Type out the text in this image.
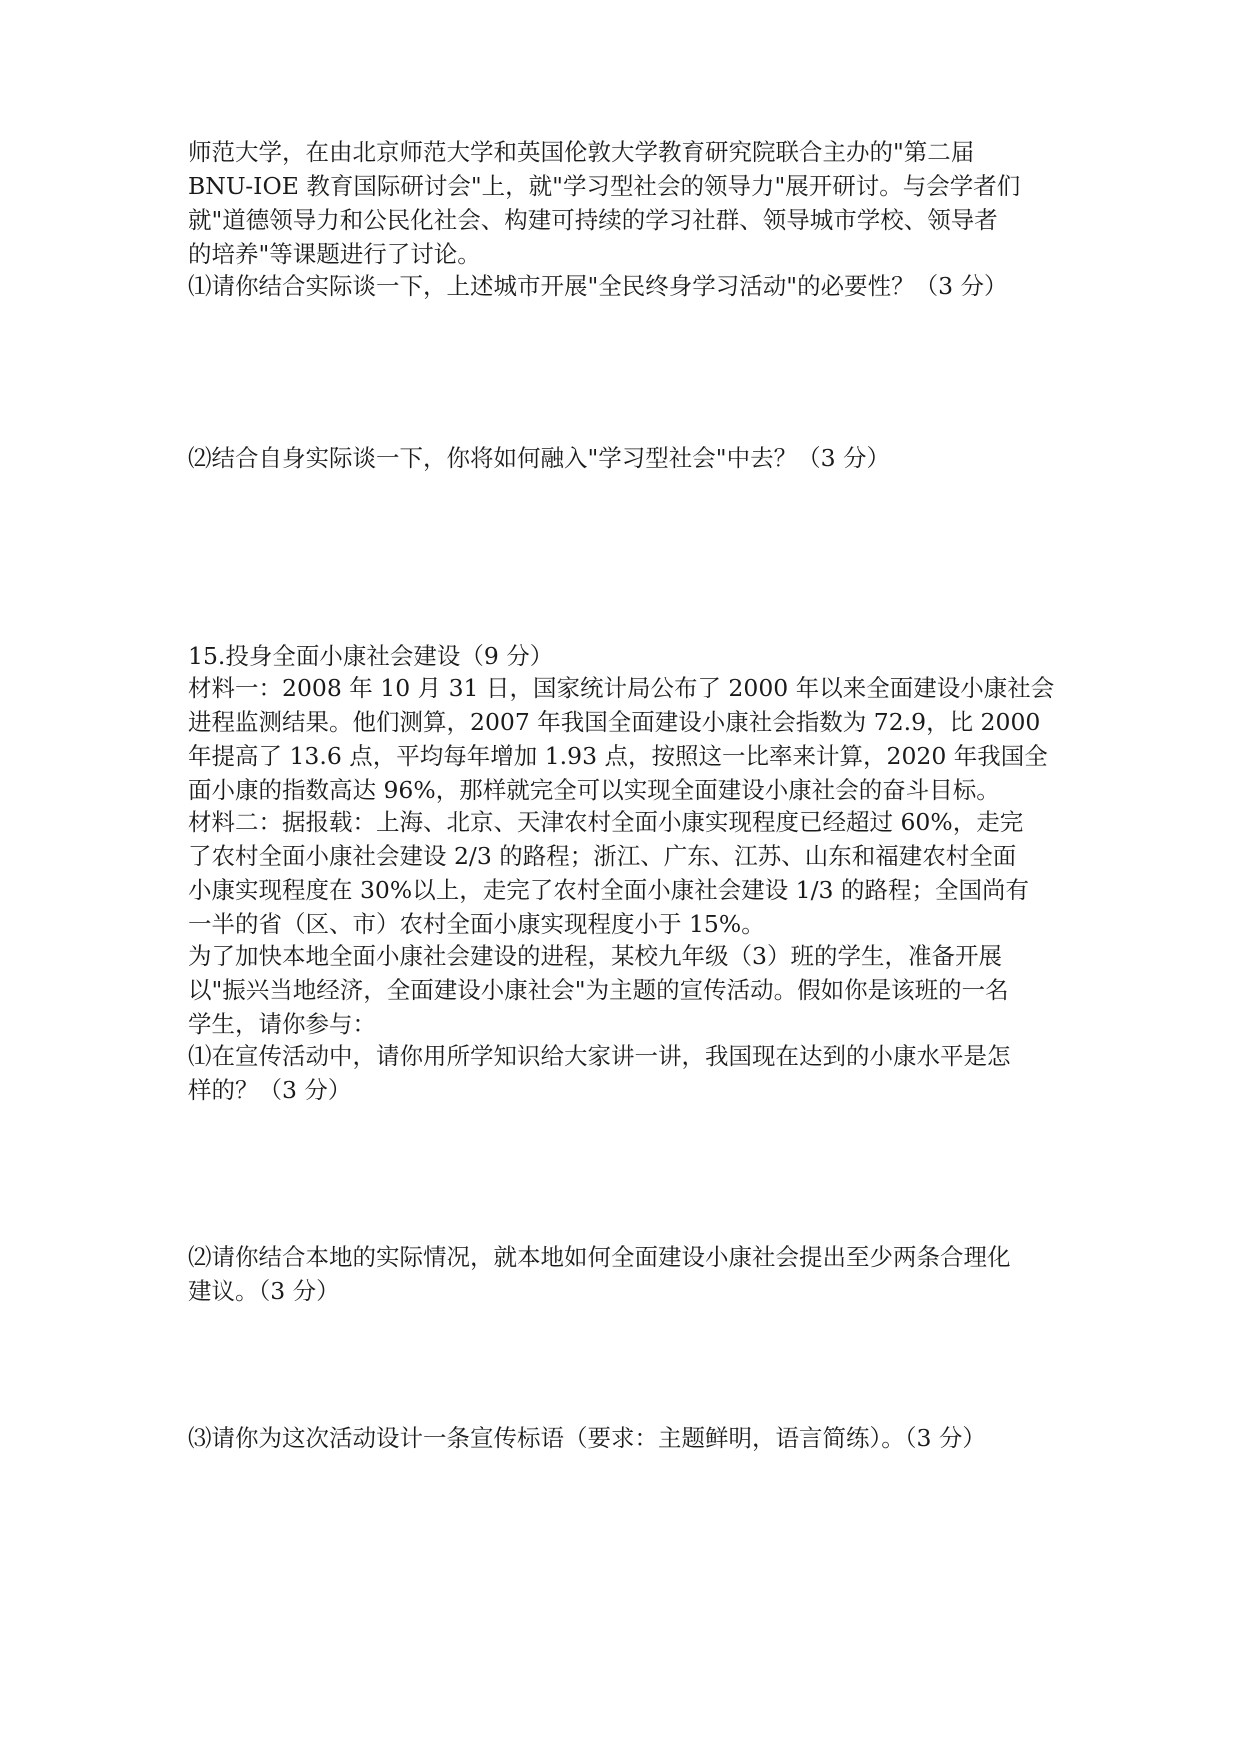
师范大学，在由北京师范大学和英国伦敦大学教育研究院联合主办的"第二届
BNU-IOE 教育国际研讨会"上，就"学习型社会的领导力"展开研讨。与会学者们
就"道德领导力和公民化社会、构建可持续的学习社群、领导城市学校、领导者
的培养"等课题进行了讨论。
⑴请你结合实际谈一下，上述城市开展"全民终身学习活动"的必要性？（3 分）
⑵结合自身实际谈一下，你将如何融入"学习型社会"中去？（3 分）
15.投身全面小康社会建设（9 分）
材料一：2008 年 10 月 31 日，国家统计局公布了 2000 年以来全面建设小康社会
进程监测结果。他们测算，2007 年我国全面建设小康社会指数为 72.9，比 2000
年提高了 13.6 点，平均每年增加 1.93 点，按照这一比率来计算，2020 年我国全
面小康的指数高达 96%，那样就完全可以实现全面建设小康社会的奋斗目标。
材料二：据报载：上海、北京、天津农村全面小康实现程度已经超过 60%，走完
了农村全面小康社会建设 2/3 的路程；浙江、广东、江苏、山东和福建农村全面
小康实现程度在 30%以上，走完了农村全面小康社会建设 1/3 的路程；全国尚有
一半的省（区、市）农村全面小康实现程度小于 15%。
为了加快本地全面小康社会建设的进程，某校九年级（3）班的学生，准备开展
以"振兴当地经济，全面建设小康社会"为主题的宣传活动。假如你是该班的一名
学生，请你参与：
⑴在宣传活动中，请你用所学知识给大家讲一讲，我国现在达到的小康水平是怎
样的？（3 分）
⑵请你结合本地的实际情况，就本地如何全面建设小康社会提出至少两条合理化
建议。（3 分）
⑶请你为这次活动设计一条宣传标语（要求：主题鲜明，语言简练）。（3 分）
